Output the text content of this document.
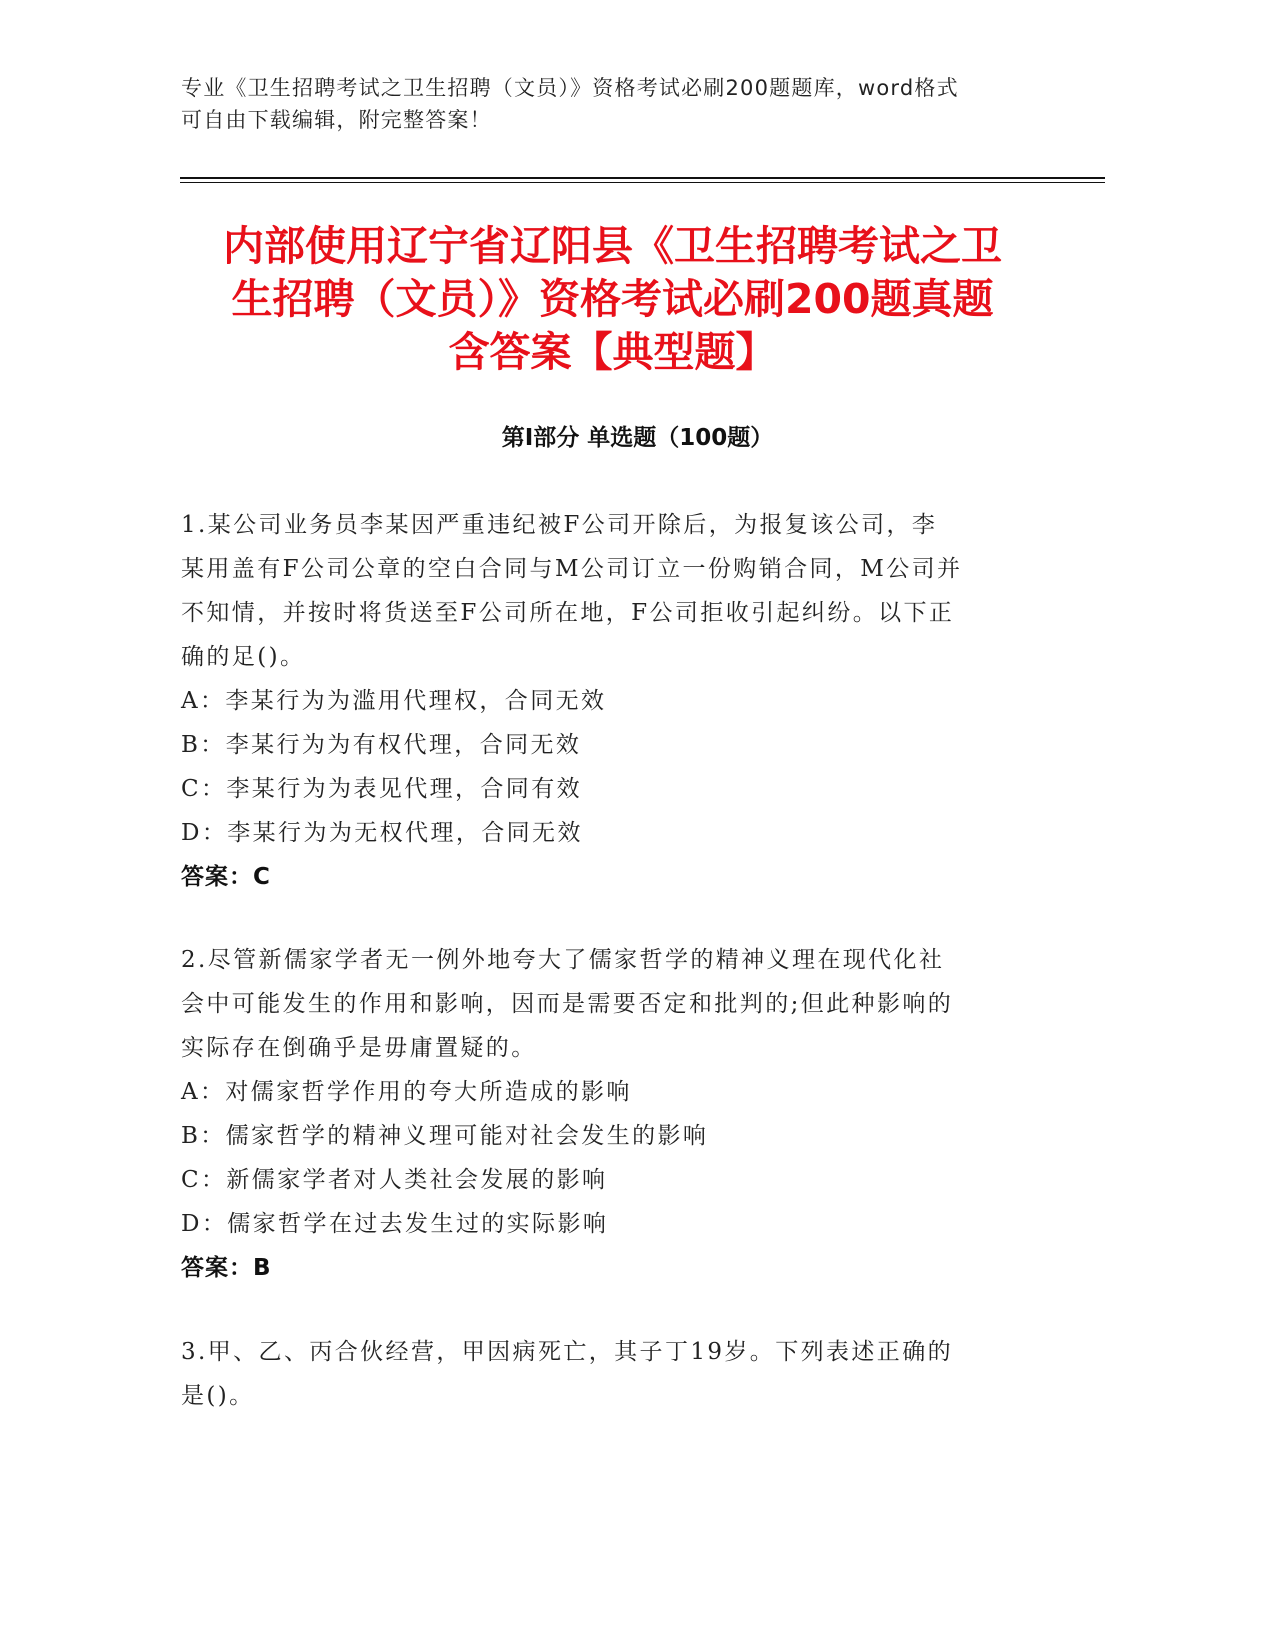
专业《卫生招聘考试之卫生招聘（文员）》资格考试必刷200题题库，word格式
可自由下载编辑，附完整答案！
内部使用辽宁省辽阳县《卫生招聘考试之卫
生招聘（文员）》资格考试必刷200题真题
含答案【典型题】
第Ⅰ部分 单选题（100题）
1.某公司业务员李某因严重违纪被F公司开除后，为报复该公司，李
某用盖有F公司公章的空白合同与M公司订立一份购销合同，M公司并
不知情，并按时将货送至F公司所在地，F公司拒收引起纠纷。以下正
确的足()。
A：李某行为为滥用代理权，合同无效
B：李某行为为有权代理，合同无效
C：李某行为为表见代理，合同有效
D：李某行为为无权代理，合同无效
答案：C
2.尽管新儒家学者无一例外地夸大了儒家哲学的精神义理在现代化社
会中可能发生的作用和影响，因而是需要否定和批判的;但此种影响的
实际存在倒确乎是毋庸置疑的。
A：对儒家哲学作用的夸大所造成的影响
B：儒家哲学的精神义理可能对社会发生的影响
C：新儒家学者对人类社会发展的影响
D：儒家哲学在过去发生过的实际影响
答案：B
3.甲、乙、丙合伙经营，甲因病死亡，其子丁19岁。下列表述正确的
是()。
